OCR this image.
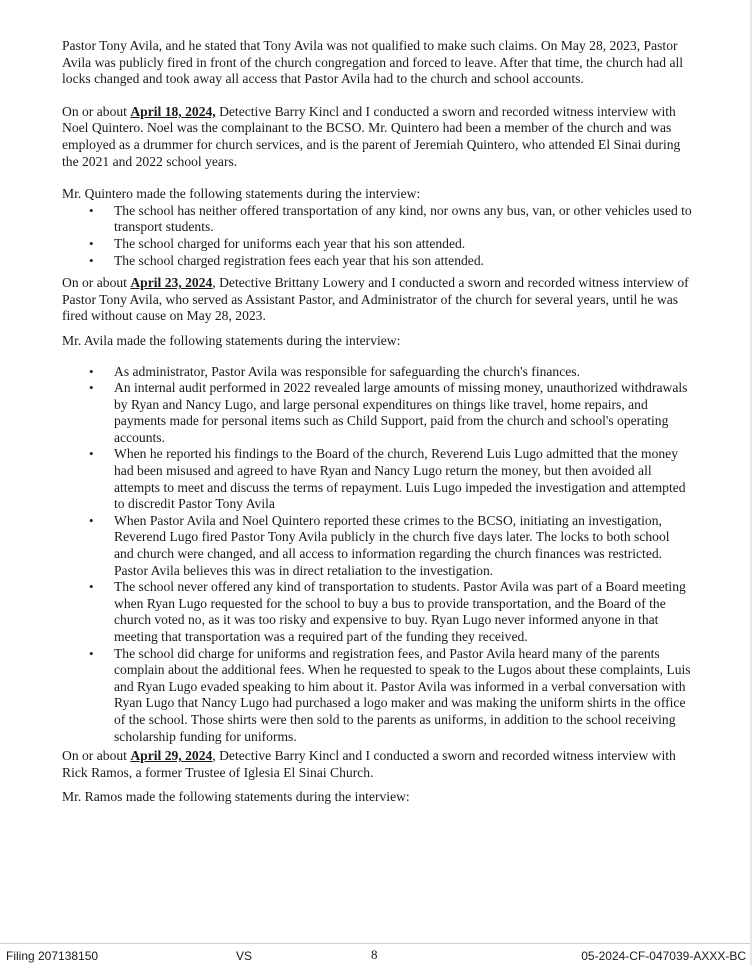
Pastor Tony Avila, and he stated that Tony Avila was not qualified to make such claims. On May 28, 2023, Pastor Avila was publicly fired in front of the church congregation and forced to leave. After that time, the church had all locks changed and took away all access that Pastor Avila had to the church and school accounts.

On or about April 18, 2024, Detective Barry Kincl and I conducted a sworn and recorded witness interview with Noel Quintero. Noel was the complainant to the BCSO. Mr. Quintero had been a member of the church and was employed as a drummer for church services, and is the parent of Jeremiah Quintero, who attended El Sinai during the 2021 and 2022 school years.

Mr. Quintero made the following statements during the interview:

• The school has neither offered transportation of any kind, nor owns any bus, van, or other vehicles used to transport students.
• The school charged for uniforms each year that his son attended.
• The school charged registration fees each year that his son attended.

On or about April 23, 2024, Detective Brittany Lowery and I conducted a sworn and recorded witness interview of Pastor Tony Avila, who served as Assistant Pastor, and Administrator of the church for several years, until he was fired without cause on May 28, 2023.

Mr. Avila made the following statements during the interview:

• As administrator, Pastor Avila was responsible for safeguarding the church's finances.
• An internal audit performed in 2022 revealed large amounts of missing money, unauthorized withdrawals by Ryan and Nancy Lugo, and large personal expenditures on things like travel, home repairs, and payments made for personal items such as Child Support, paid from the church and school's operating accounts.
• When he reported his findings to the Board of the church, Reverend Luis Lugo admitted that the money had been misused and agreed to have Ryan and Nancy Lugo return the money, but then avoided all attempts to meet and discuss the terms of repayment. Luis Lugo impeded the investigation and attempted to discredit Pastor Tony Avila
• When Pastor Avila and Noel Quintero reported these crimes to the BCSO, initiating an investigation, Reverend Lugo fired Pastor Tony Avila publicly in the church five days later. The locks to both school and church were changed, and all access to information regarding the church finances was restricted. Pastor Avila believes this was in direct retaliation to the investigation.
• The school never offered any kind of transportation to students. Pastor Avila was part of a Board meeting when Ryan Lugo requested for the school to buy a bus to provide transportation, and the Board of the church voted no, as it was too risky and expensive to buy. Ryan Lugo never informed anyone in that meeting that transportation was a required part of the funding they received.
• The school did charge for uniforms and registration fees, and Pastor Avila heard many of the parents complain about the additional fees. When he requested to speak to the Lugos about these complaints, Luis and Ryan Lugo evaded speaking to him about it. Pastor Avila was informed in a verbal conversation with Ryan Lugo that Nancy Lugo had purchased a logo maker and was making the uniform shirts in the office of the school. Those shirts were then sold to the parents as uniforms, in addition to the school receiving scholarship funding for uniforms.

On or about April 29, 2024, Detective Barry Kincl and I conducted a sworn and recorded witness interview with Rick Ramos, a former Trustee of Iglesia El Sinai Church.

Mr. Ramos made the following statements during the interview:

Filing 207138150	VS	8	05-2024-CF-047039-AXXX-BC
